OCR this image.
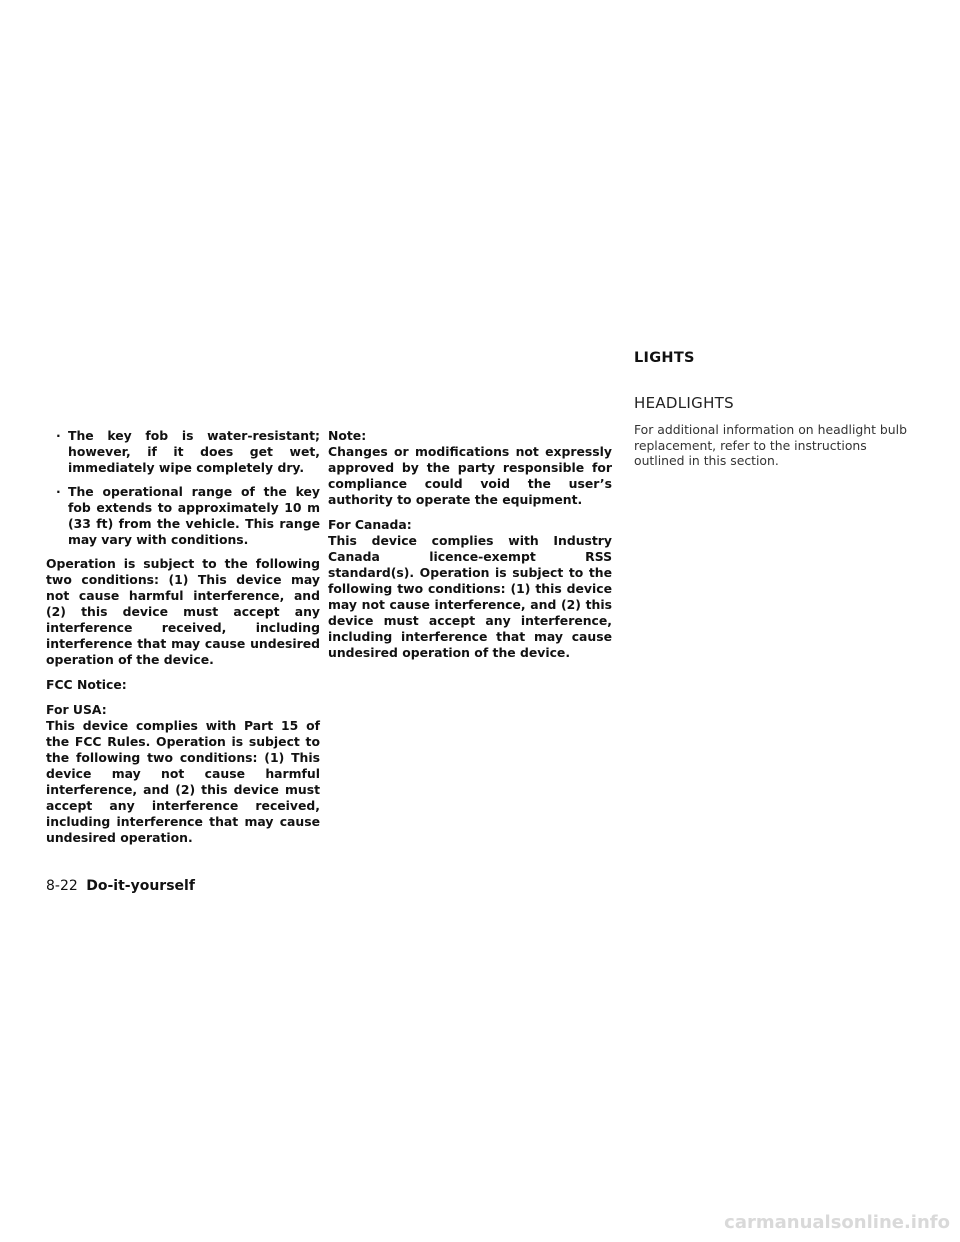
· The key fob is water-resistant; however, if it does get wet, immediately wipe completely dry.
· The operational range of the key fob extends to approximately 10 m (33 ft) from the vehicle. This range may vary with conditions.

Operation is subject to the following two conditions: (1) This device may not cause harmful interference, and (2) this device must accept any interference received, including interference that may cause undesired operation of the device.

FCC Notice:

For USA:
This device complies with Part 15 of the FCC Rules. Operation is subject to the following two conditions: (1) This device may not cause harmful interference, and (2) this device must accept any interference received, including interference that may cause undesired operation.
Note:
Changes or modifications not expressly approved by the party responsible for compliance could void the user’s authority to operate the equipment.
For Canada:
This device complies with Industry Canada licence-exempt RSS standard(s). Operation is subject to the following two conditions: (1) this device may not cause interference, and (2) this device must accept any interference, including interference that may cause undesired operation of the device.
LIGHTS
HEADLIGHTS

For additional information on headlight bulb replacement, refer to the instructions outlined in this section.

8-22 Do-it-yourself
carmanualsonline.info
